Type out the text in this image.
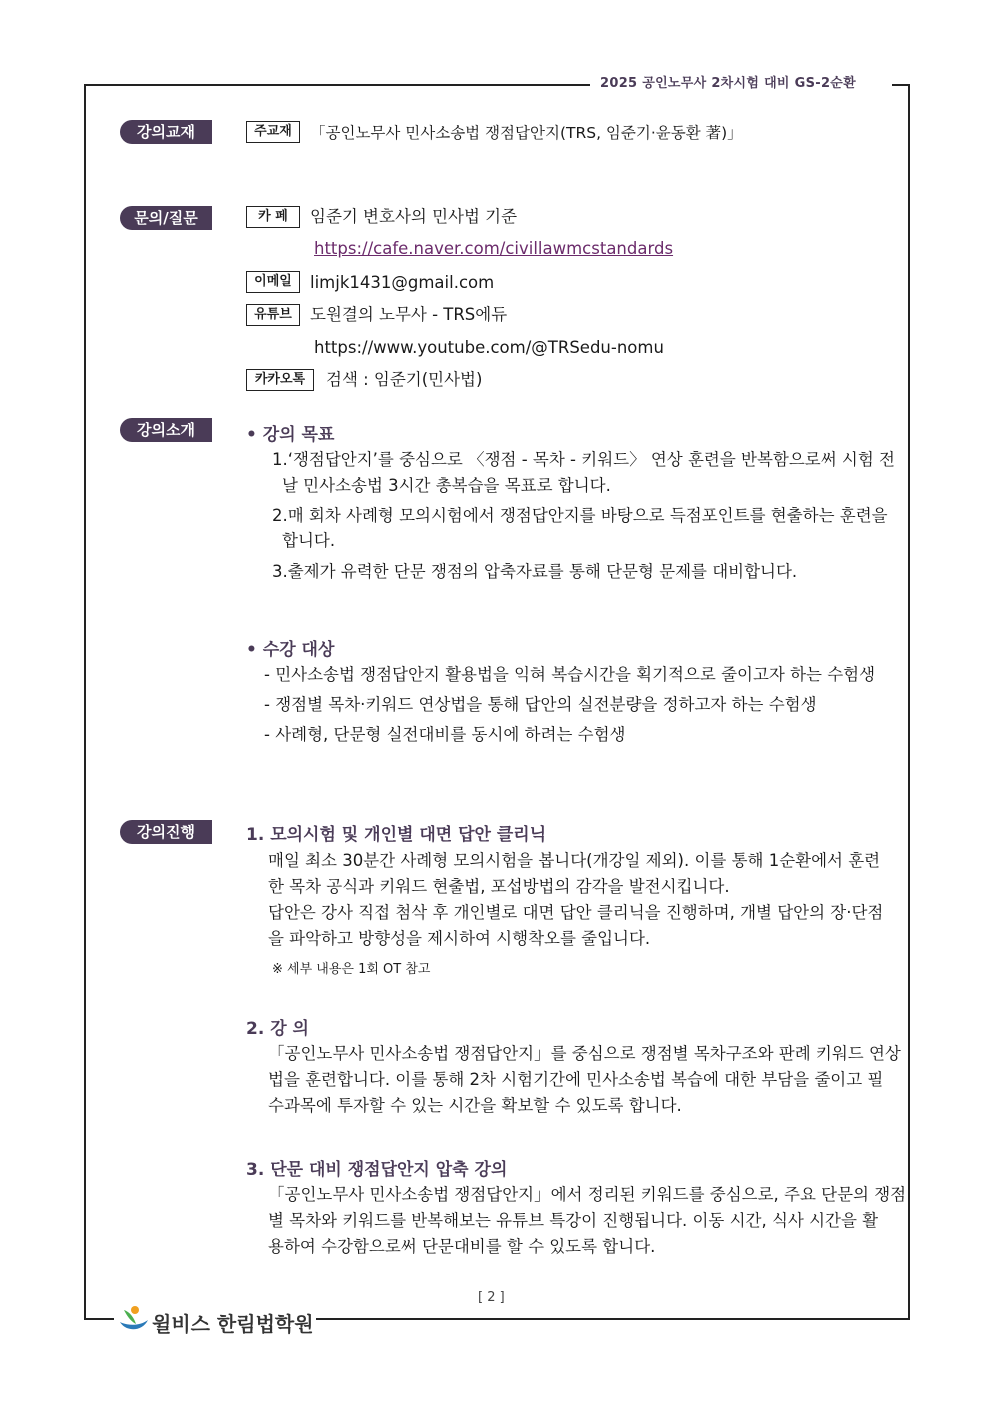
2025 공인노무사 2차시험 대비 GS-2순환
강의교재	주교재	「공인노무사 민사소송법 쟁점답안지(TRS, 임준기·윤동환 著)」
문의/질문	카 페	임준기 변호사의 민사법 기준
https://cafe.naver.com/civillawmcstandards
이메일	limjk1431@gmail.com
유튜브	도원결의 노무사 - TRS에듀
https://www.youtube.com/@TRSedu-nomu
카카오톡	검색 : 임준기(민사법)
강의소개	• 강의 목표
1.‘쟁점답안지’를 중심으로 〈쟁점 - 목차 - 키워드〉 연상 훈련을 반복함으로써 시험 전
날 민사소송법 3시간 총복습을 목표로 합니다.
2.매 회차 사례형 모의시험에서 쟁점답안지를 바탕으로 득점포인트를 현출하는 훈련을
합니다.
3.출제가 유력한 단문 쟁점의 압축자료를 통해 단문형 문제를 대비합니다.
• 수강 대상
- 민사소송법 쟁점답안지 활용법을 익혀 복습시간을 획기적으로 줄이고자 하는 수험생
- 쟁점별 목차·키워드 연상법을 통해 답안의 실전분량을 정하고자 하는 수험생
- 사례형, 단문형 실전대비를 동시에 하려는 수험생
강의진행	1. 모의시험 및 개인별 대면 답안 클리닉
매일 최소 30분간 사례형 모의시험을 봅니다(개강일 제외). 이를 통해 1순환에서 훈련
한 목차 공식과 키워드 현출법, 포섭방법의 감각을 발전시킵니다.
답안은 강사 직접 첨삭 후 개인별로 대면 답안 클리닉을 진행하며, 개별 답안의 장·단점
을 파악하고 방향성을 제시하여 시행착오를 줄입니다.
※ 세부 내용은 1회 OT 참고
2. 강 의
「공인노무사 민사소송법 쟁점답안지」를 중심으로 쟁점별 목차구조와 판례 키워드 연상
법을 훈련합니다. 이를 통해 2차 시험기간에 민사소송법 복습에 대한 부담을 줄이고 필
수과목에 투자할 수 있는 시간을 확보할 수 있도록 합니다.
3. 단문 대비 쟁점답안지 압축 강의
「공인노무사 민사소송법 쟁점답안지」에서 정리된 키워드를 중심으로, 주요 단문의 쟁점
별 목차와 키워드를 반복해보는 유튜브 특강이 진행됩니다. 이동 시간, 식사 시간을 활
용하여 수강함으로써 단문대비를 할 수 있도록 합니다.
[ 2 ]
윌비스 한림법학원
